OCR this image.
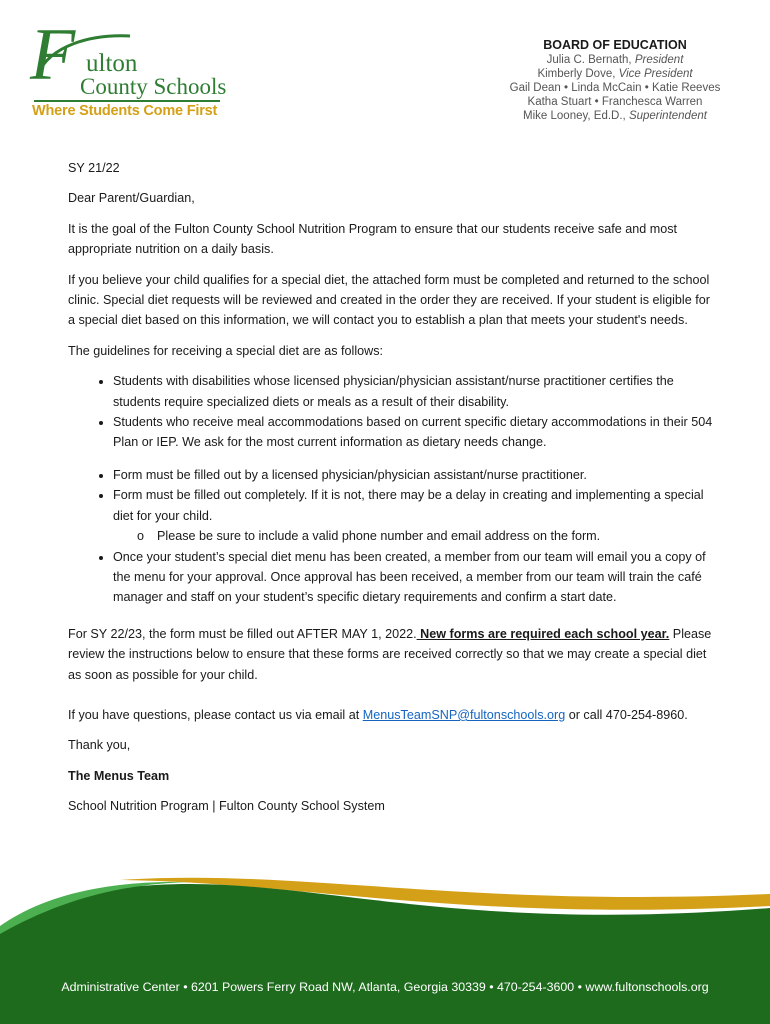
F ulton
County Schools
Where Students Come First
BOARD OF EDUCATION
Julia C. Bernath, President
Kimberly Dove, Vice President
Gail Dean • Linda McCain • Katie Reeves
Katha Stuart • Franchesca Warren
Mike Looney, Ed.D., Superintendent

SY 21/22

Dear Parent/Guardian,

It is the goal of the Fulton County School Nutrition Program to ensure that our students receive safe and most appropriate nutrition on a daily basis.

If you believe your child qualifies for a special diet, the attached form must be completed and returned to the school clinic. Special diet requests will be reviewed and created in the order they are received. If your student is eligible for a special diet based on this information, we will contact you to establish a plan that meets your student's needs.

The guidelines for receiving a special diet are as follows:

• Students with disabilities whose licensed physician/physician assistant/nurse practitioner certifies the students require specialized diets or meals as a result of their disability.
• Students who receive meal accommodations based on current specific dietary accommodations in their 504 Plan or IEP. We ask for the most current information as dietary needs change.
• Form must be filled out by a licensed physician/physician assistant/nurse practitioner.
• Form must be filled out completely. If it is not, there may be a delay in creating and implementing a special diet for your child.
o Please be sure to include a valid phone number and email address on the form.
• Once your student’s special diet menu has been created, a member from our team will email you a copy of the menu for your approval. Once approval has been received, a member from our team will train the café manager and staff on your student’s specific dietary requirements and confirm a start date.

For SY 22/23, the form must be filled out AFTER MAY 1, 2022. New forms are required each school year. Please review the instructions below to ensure that these forms are received correctly so that we may create a special diet as soon as possible for your child.

If you have questions, please contact us via email at MenusTeamSNP@fultonschools.org or call 470-254-8960.

Thank you,

The Menus Team

School Nutrition Program | Fulton County School System

Administrative Center • 6201 Powers Ferry Road NW, Atlanta, Georgia 30339 • 470-254-3600 • www.fultonschools.org
